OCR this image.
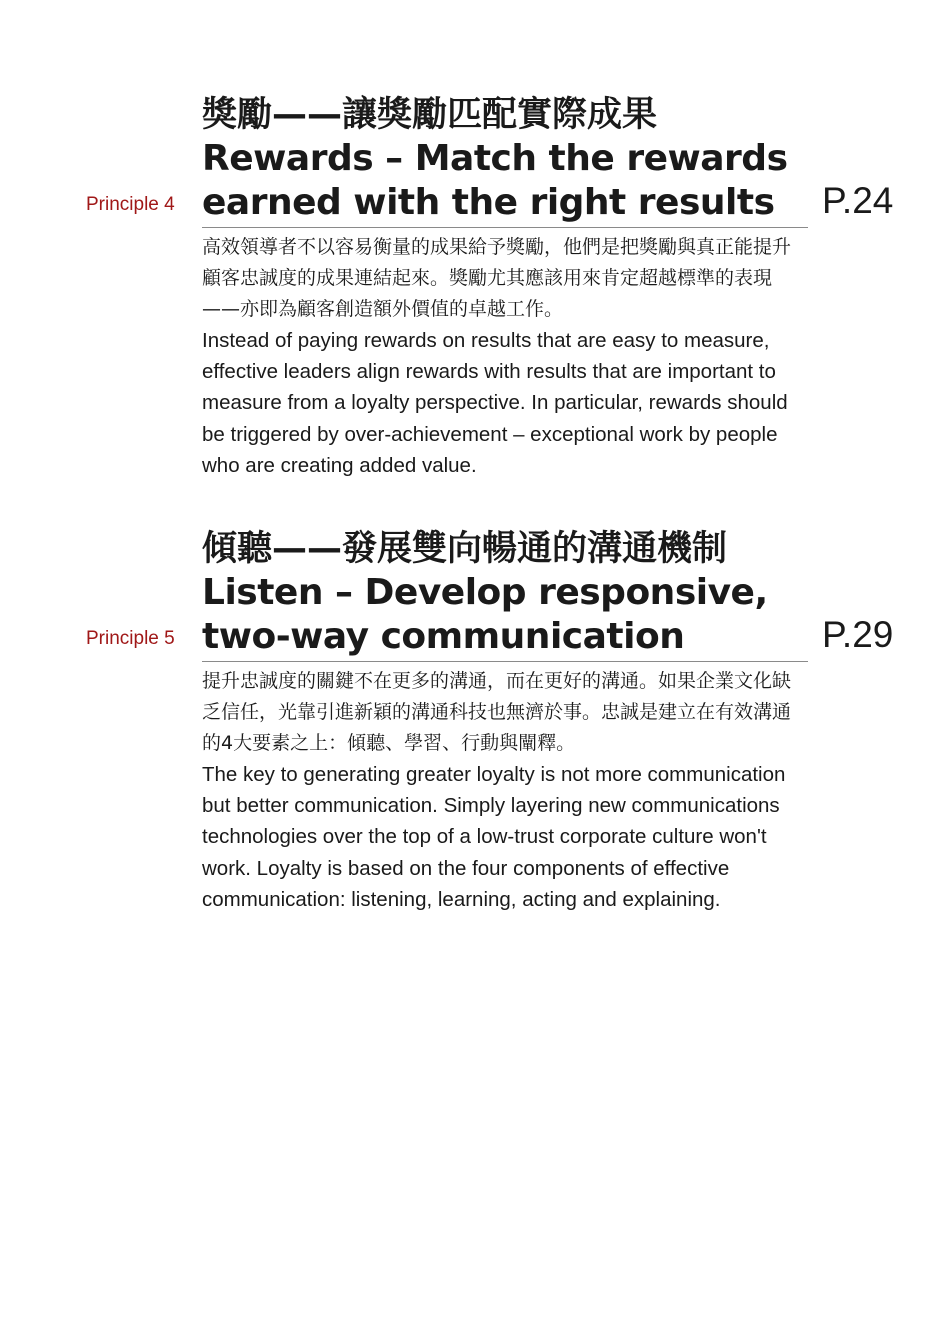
Principle 4
獎勵——讓獎勵匹配實際成果
Rewards – Match the rewards earned with the right results	P.24
高效領導者不以容易衡量的成果給予獎勵，他們是把獎勵與真正能提升顧客忠誠度的成果連結起來。獎勵尤其應該用來肯定超越標準的表現——亦即為顧客創造額外價值的卓越工作。
Instead of paying rewards on results that are easy to measure, effective leaders align rewards with results that are important to measure from a loyalty perspective. In particular, rewards should be triggered by over-achievement – exceptional work by people who are creating added value.
Principle 5
傾聽——發展雙向暢通的溝通機制
Listen – Develop responsive, two-way communication	P.29
提升忠誠度的關鍵不在更多的溝通，而在更好的溝通。如果企業文化缺乏信任，光靠引進新穎的溝通科技也無濟於事。忠誠是建立在有效溝通的4大要素之上：傾聽、學習、行動與闡釋。
The key to generating greater loyalty is not more communication but better communication. Simply layering new communications technologies over the top of a low-trust corporate culture won't work. Loyalty is based on the four components of effective communication: listening, learning, acting and explaining.
